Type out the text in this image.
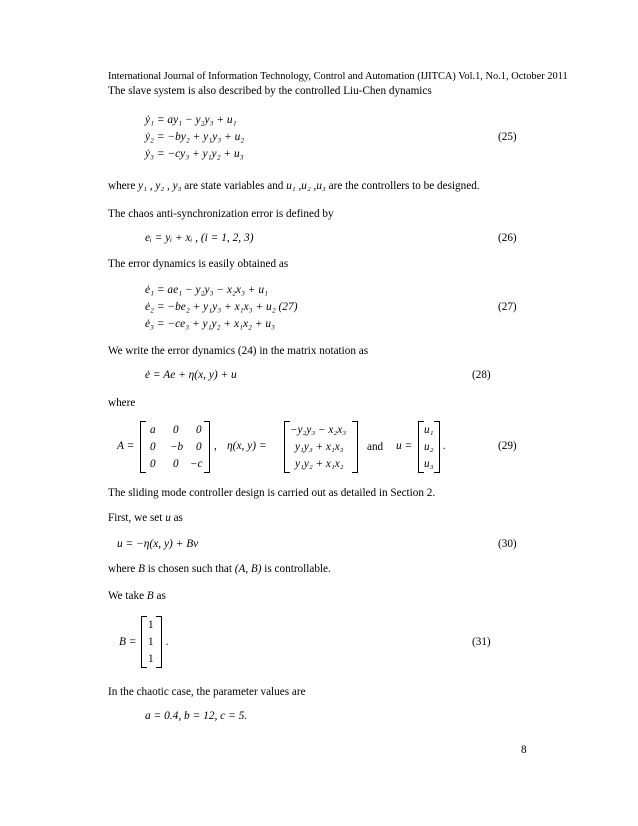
International Journal of Information Technology, Control and Automation (IJITCA) Vol.1, No.1, October 2011
The slave system is also described by the controlled Liu-Chen dynamics
ẏ₁ = ay₁ − y₂y₃ + u₁
ẏ₂ = −by₂ + y₁y₃ + u₂
ẏ₃ = −cy₃ + y₁y₂ + u₃
(25)
where y₁ , y₂ , y₃ are state variables and u₁ ,u₂ ,u₃ are the controllers to be designed.
The chaos anti-synchronization error is defined by
eᵢ = yᵢ + xᵢ , (i = 1, 2, 3)	(26)
The error dynamics is easily obtained as
ė₁ = ae₁ − y₂y₃ − x₂x₃ + u₁
ė₂ = −be₂ + y₁y₃ + x₁x₃ + u₂ (27)
ė₃ = −ce₃ + y₁y₂ + x₁x₂ + u₃
(27)
We write the error dynamics (24) in the matrix notation as
ė = Ae + η(x, y) + u	(28)
where
A =
a 0 0
0 −b 0
0 0 −c
, η(x, y) =
−y₂y₃ − x₂x₃
y₁y₃ + x₁x₃
y₁y₂ + x₁x₂
and u =
u₁
u₂
u₃
.	(29)
The sliding mode controller design is carried out as detailed in Section 2.
First, we set u as
u = −η(x, y) + Bv	(30)
where B is chosen such that (A, B) is controllable.
We take B as
B =
1
1
1
.	(31)
In the chaotic case, the parameter values are
a = 0.4, b = 12, c = 5.
8
